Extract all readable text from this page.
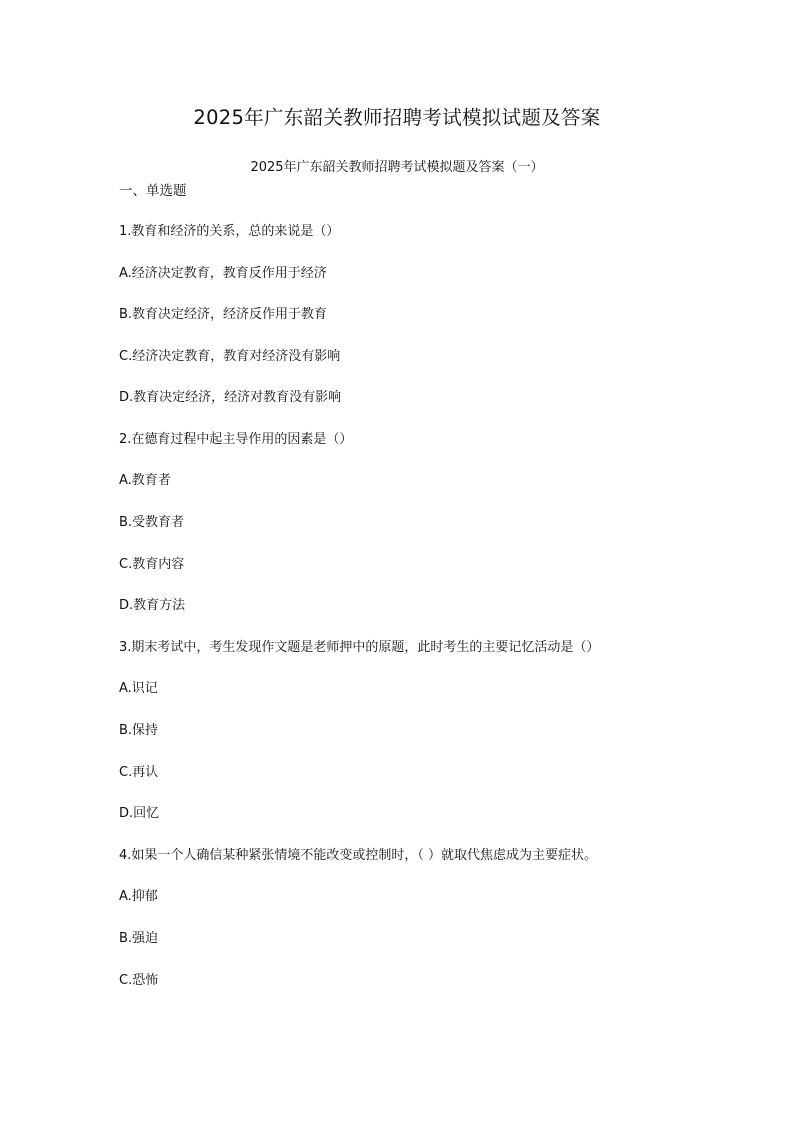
2025年广东韶关教师招聘考试模拟试题及答案
2025年广东韶关教师招聘考试模拟题及答案（一）
一、单选题
1.教育和经济的关系，总的来说是（）
A.经济决定教育，教育反作用于经济
B.教育决定经济，经济反作用于教育
C.经济决定教育，教育对经济没有影响
D.教育决定经济，经济对教育没有影响
2.在德育过程中起主导作用的因素是（）
A.教育者
B.受教育者
C.教育内容
D.教育方法
3.期末考试中，考生发现作文题是老师押中的原题，此时考生的主要记忆活动是（）
A.识记
B.保持
C.再认
D.回忆
4.如果一个人确信某种紧张情境不能改变或控制时，（ ）就取代焦虑成为主要症状。
A.抑郁
B.强迫
C.恐怖
